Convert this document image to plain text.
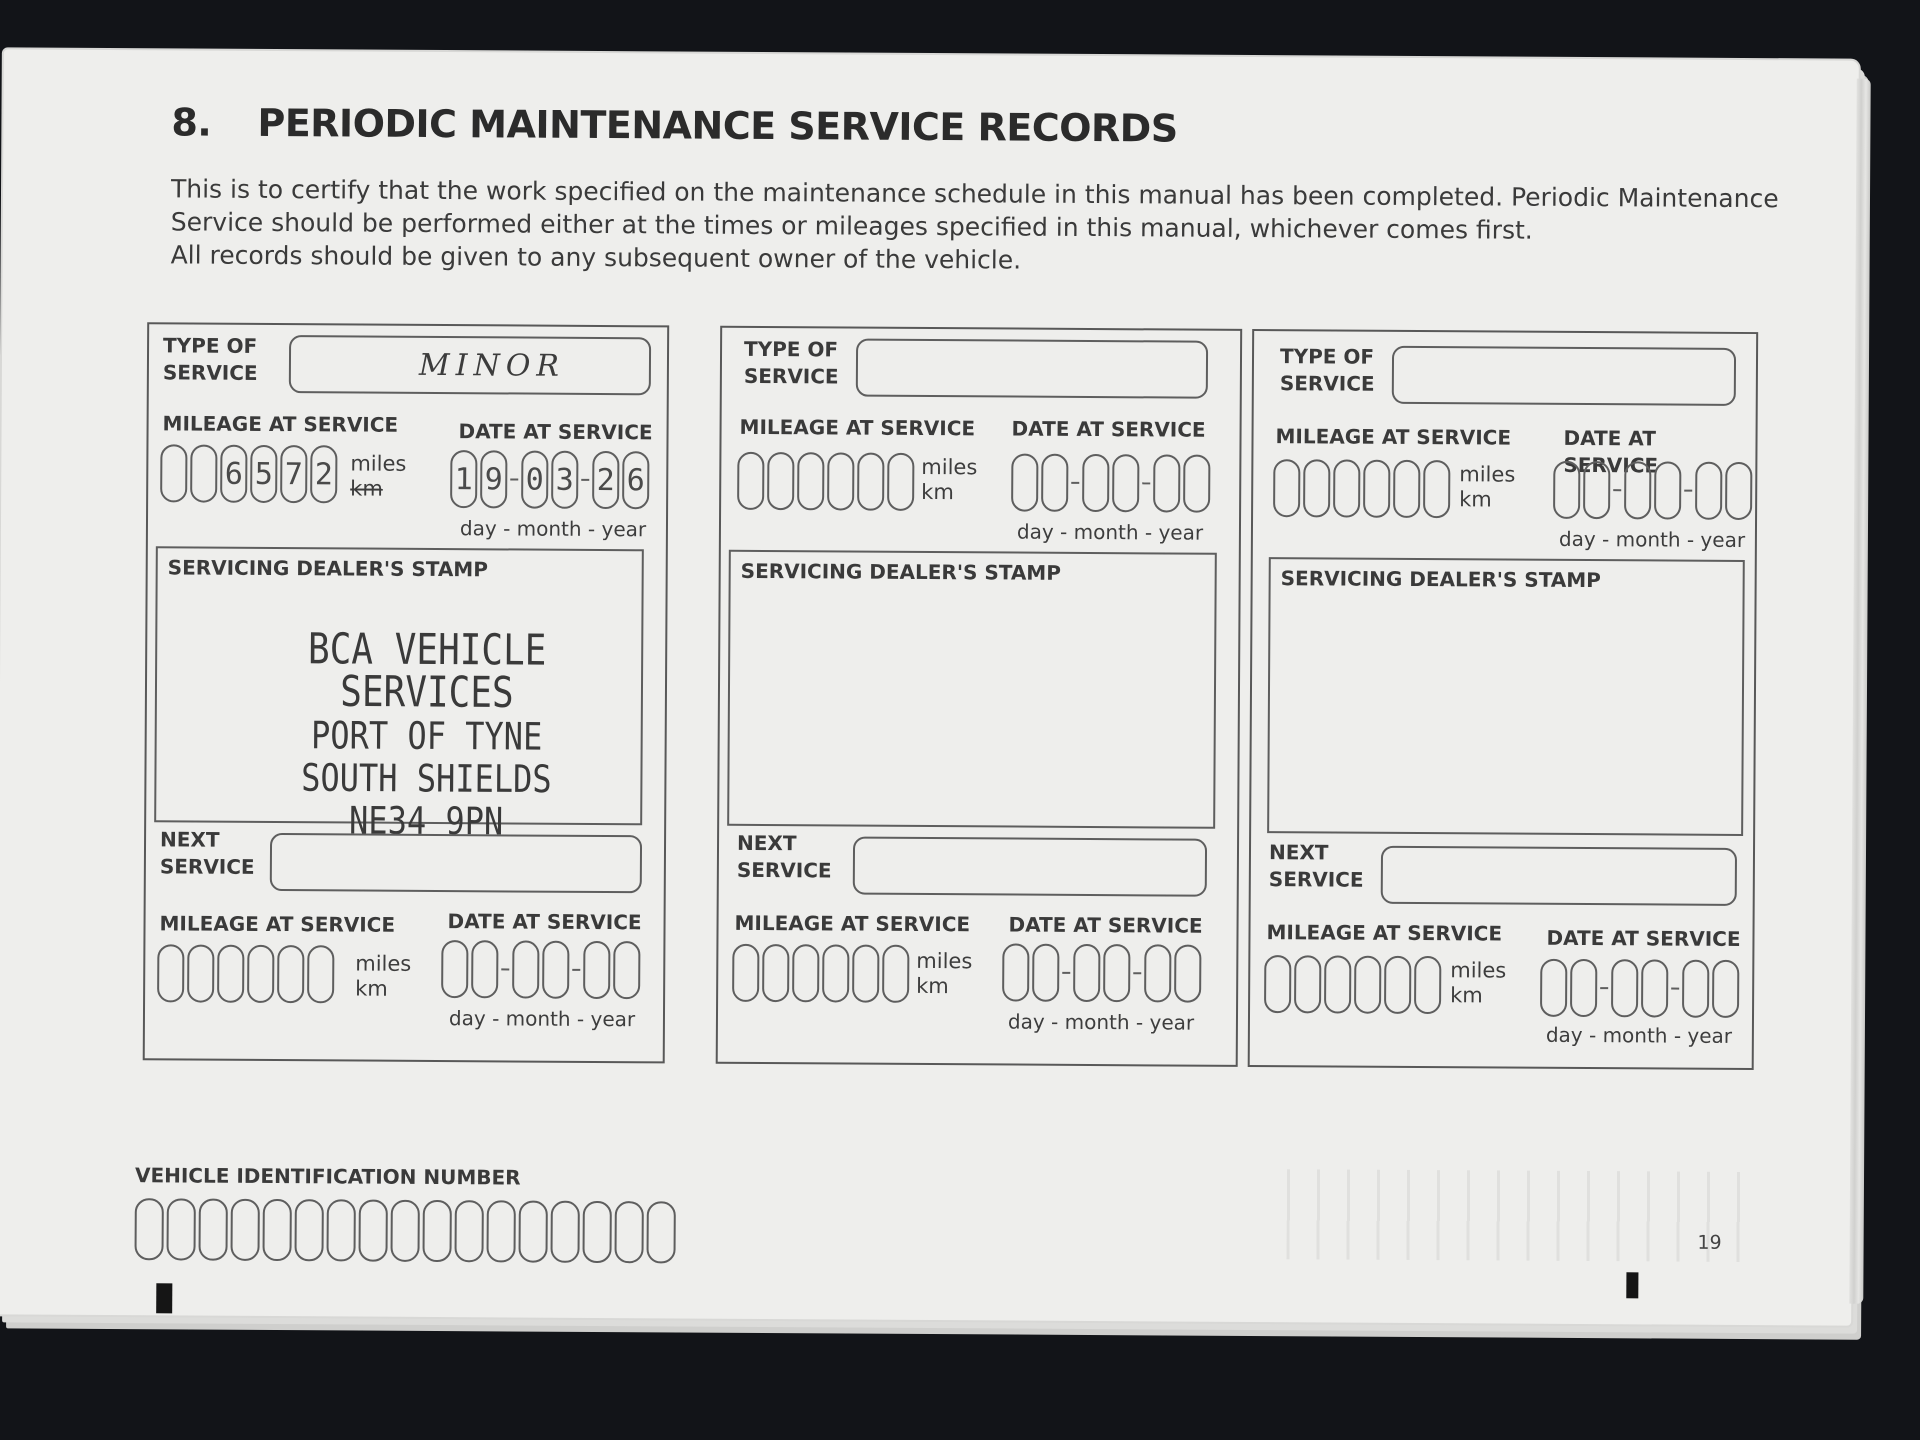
8. PERIODIC MAINTENANCE SERVICE RECORDS

This is to certify that the work specified on the maintenance schedule in this manual has been completed. Periodic Maintenance

Service should be performed either at the times or mileages specified in this manual, whichever comes first.

All records should be given to any subsequent owner of the vehicle.

TYPE OF
SERVICE	MINOR
MILEAGE AT SERVICE	DATE AT SERVICE
6 5 7 2 miles
km	1 9 0 3 2 6
day - month - year
SERVICING DEALER'S STAMP
BCA VEHICLE SERVICES
PORT OF TYNE
SOUTH SHIELDS
NE34 9PN
NEXT
SERVICE
MILEAGE AT SERVICE	DATE AT SERVICE
miles
km
day - month - year
TYPE OF
SERVICE
MILEAGE AT SERVICE DATE AT SERVICE
miles
km
day - month - year
SERVICING DEALER'S STAMP
NEXT
SERVICE
MILEAGE AT SERVICE DATE AT SERVICE
miles
km
day - month - year
TYPE OF
SERVICE
MILEAGE AT SERVICE	DATE AT SERVICE
miles
km
day - month - year
SERVICING DEALER'S STAMP
NEXT
SERVICE
MILEAGE AT SERVICE DATE AT SERVICE
miles
km
day - month - year
VEHICLE IDENTIFICATION NUMBER
19
